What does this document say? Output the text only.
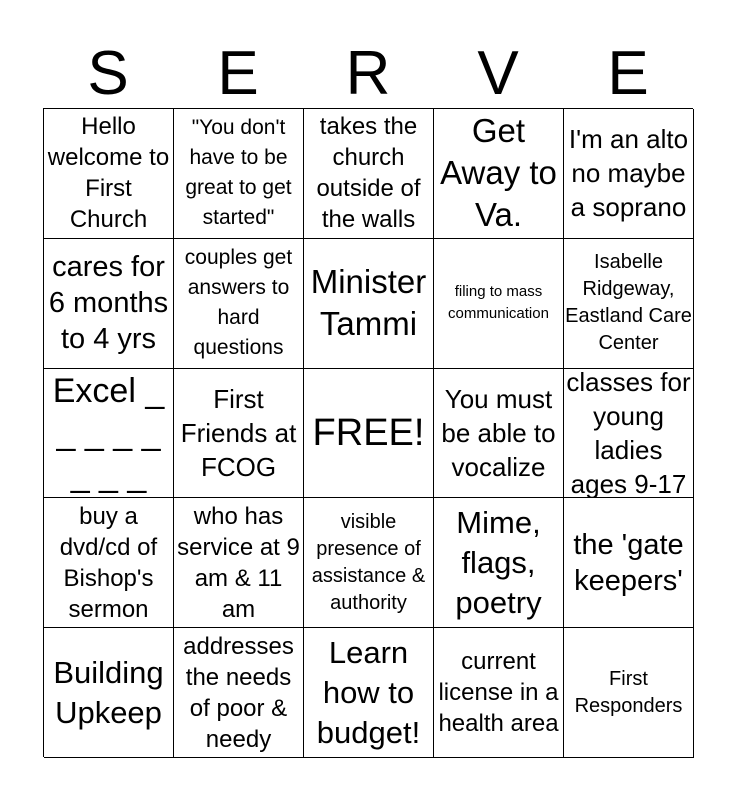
S	E	R	V	E
Hello welcome to First Church
"You don't have to be great to get started"
takes the church outside of the walls
Get Away to Va.
I'm an alto no maybe a soprano
cares for 6 months to 4 yrs
couples get answers to hard questions
Minister Tammi
filing to mass communication
Isabelle Ridgeway, Eastland Care Center
Excel _ _ _ _ _ _ _ _
First Friends at FCOG
FREE!
You must be able to vocalize
classes for young ladies ages 9-17
buy a dvd/cd of Bishop's sermon
who has service at 9 am & 11 am
visible presence of assistance & authority
Mime, flags, poetry
the 'gate keepers'
Building Upkeep
addresses the needs of poor & needy
Learn how to budget!
current license in a health area
First Responders
